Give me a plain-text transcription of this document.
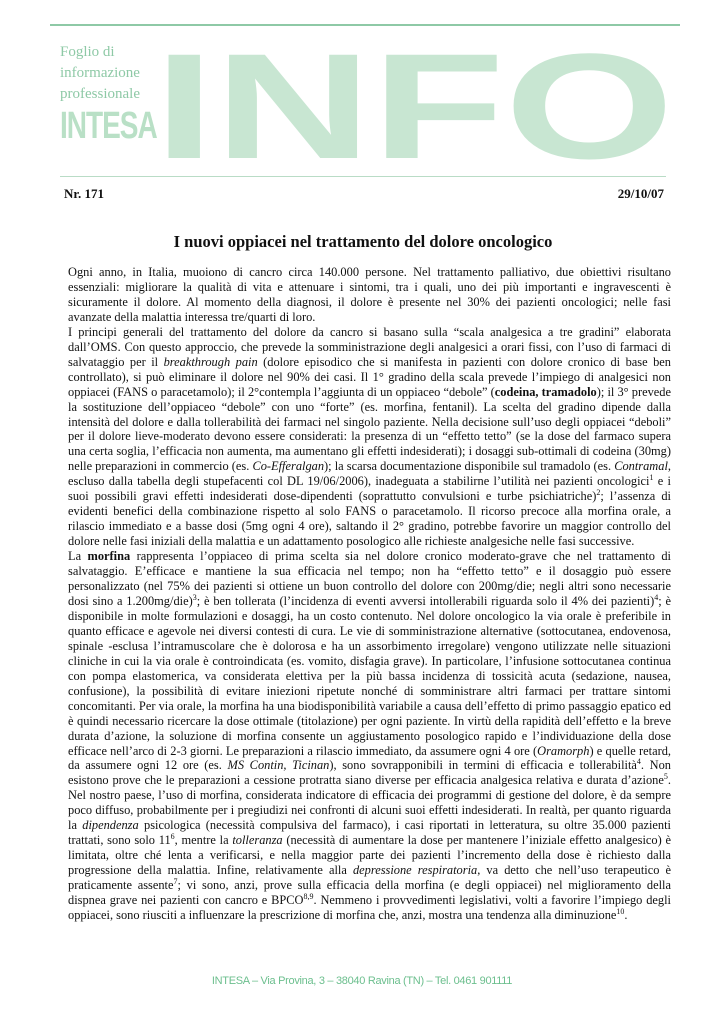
Foglio di
informazione
professionale
INTESA
INFO
Nr. 171	29/10/07
I nuovi oppiacei nel trattamento del dolore oncologico

Ogni anno, in Italia, muoiono di cancro circa 140.000 persone. Nel trattamento palliativo, due obiettivi risultano essenziali: migliorare la qualità di vita e attenuare i sintomi, tra i quali, uno dei più importanti e ingravescenti è sicuramente il dolore. Al momento della diagnosi, il dolore è presente nel 30% dei pazienti oncologici; nelle fasi avanzate della malattia interessa tre/quarti di loro.

I principi generali del trattamento del dolore da cancro si basano sulla “scala analgesica a tre gradini” elaborata dall’OMS. Con questo approccio, che prevede la somministrazione degli analgesici a orari fissi, con l’uso di farmaci di salvataggio per il breakthrough pain (dolore episodico che si manifesta in pazienti con dolore cronico di base ben controllato), si può eliminare il dolore nel 90% dei casi. Il 1° gradino della scala prevede l’impiego di analgesici non oppiacei (FANS o paracetamolo); il 2°contempla l’aggiunta di un oppiaceo “debole” (codeina, tramadolo); il 3° prevede la sostituzione dell’oppiaceo “debole” con uno “forte” (es. morfina, fentanil). La scelta del gradino dipende dalla intensità del dolore e dalla tollerabilità dei farmaci nel singolo paziente. Nella decisione sull’uso degli oppiacei “deboli” per il dolore lieve-moderato devono essere considerati: la presenza di un “effetto tetto” (se la dose del farmaco supera una certa soglia, l’efficacia non aumenta, ma aumentano gli effetti indesiderati); i dosaggi sub-ottimali di codeina (30mg) nelle preparazioni in commercio (es. Co-Efferalgan); la scarsa documentazione disponibile sul tramadolo (es. Contramal, escluso dalla tabella degli stupefacenti col DL 19/06/2006), inadeguata a stabilirne l’utilità nei pazienti oncologici$^1$ e i suoi possibili gravi effetti indesiderati dose-dipendenti (soprattutto convulsioni e turbe psichiatriche)$^2$; l’assenza di evidenti benefici della combinazione rispetto al solo FANS o paracetamolo. Il ricorso precoce alla morfina orale, a rilascio immediato e a basse dosi (5mg ogni 4 ore), saltando il 2° gradino, potrebbe favorire un maggior controllo del dolore nelle fasi iniziali della malattia e un adattamento posologico alle richieste analgesiche nelle fasi successive.

La morfina rappresenta l’oppiaceo di prima scelta sia nel dolore cronico moderato-grave che nel trattamento di salvataggio. E’efficace e mantiene la sua efficacia nel tempo; non ha “effetto tetto” e il dosaggio può essere personalizzato (nel 75% dei pazienti si ottiene un buon controllo del dolore con 200mg/die; negli altri sono necessarie dosi sino a 1.200mg/die)$^3$; è ben tollerata (l’incidenza di eventi avversi intollerabili riguarda solo il 4% dei pazienti)$^4$; è disponibile in molte formulazioni e dosaggi, ha un costo contenuto. Nel dolore oncologico la via orale è preferibile in quanto efficace e agevole nei diversi contesti di cura. Le vie di somministrazione alternative (sottocutanea, endovenosa, spinale -esclusa l’intramuscolare che è dolorosa e ha un assorbimento irregolare) vengono utilizzate nelle situazioni cliniche in cui la via orale è controindicata (es. vomito, disfagia grave). In particolare, l’infusione sottocutanea continua con pompa elastomerica, va considerata elettiva per la più bassa incidenza di tossicità acuta (sedazione, nausea, confusione), la possibilità di evitare iniezioni ripetute nonché di somministrare altri farmaci per trattare sintomi concomitanti. Per via orale, la morfina ha una biodisponibilità variabile a causa dell’effetto di primo passaggio epatico ed è quindi necessario ricercare la dose ottimale (titolazione) per ogni paziente. In virtù della rapidità dell’effetto e la breve durata d’azione, la soluzione di morfina consente un aggiustamento posologico rapido e l’individuazione della dose efficace nell’arco di 2-3 giorni. Le preparazioni a rilascio immediato, da assumere ogni 4 ore (Oramorph) e quelle retard, da assumere ogni 12 ore (es. MS Contin, Ticinan), sono sovrapponibili in termini di efficacia e tollerabilità$^4$. Non esistono prove che le preparazioni a cessione protratta siano diverse per efficacia analgesica relativa e durata d’azione$^5$. Nel nostro paese, l’uso di morfina, considerata indicatore di efficacia dei programmi di gestione del dolore, è da sempre poco diffuso, probabilmente per i pregiudizi nei confronti di alcuni suoi effetti indesiderati. In realtà, per quanto riguarda la dipendenza psicologica (necessità compulsiva del farmaco), i casi riportati in letteratura, su oltre 35.000 pazienti trattati, sono solo $11^6$, mentre la tolleranza (necessità di aumentare la dose per mantenere l’iniziale effetto analgesico) è limitata, oltre ché lenta a verificarsi, e nella maggior parte dei pazienti l’incremento della dose è richiesto dalla progressione della malattia. Infine, relativamente alla depressione respiratoria, va detto che nell’uso terapeutico è praticamente assente$^7$; vi sono, anzi, prove sulla efficacia della morfina (e degli oppiacei) nel miglioramento della dispnea grave nei pazienti con cancro e BPCO$^{8,9}$. Nemmeno i provvedimenti legislativi, volti a favorire l’impiego degli oppiacei, sono riusciti a influenzare la prescrizione di morfina che, anzi, mostra una tendenza alla diminuzione$^{10}$.

INTESA – Via Provina, 3 – 38040 Ravina (TN) – Tel. 0461 901111
